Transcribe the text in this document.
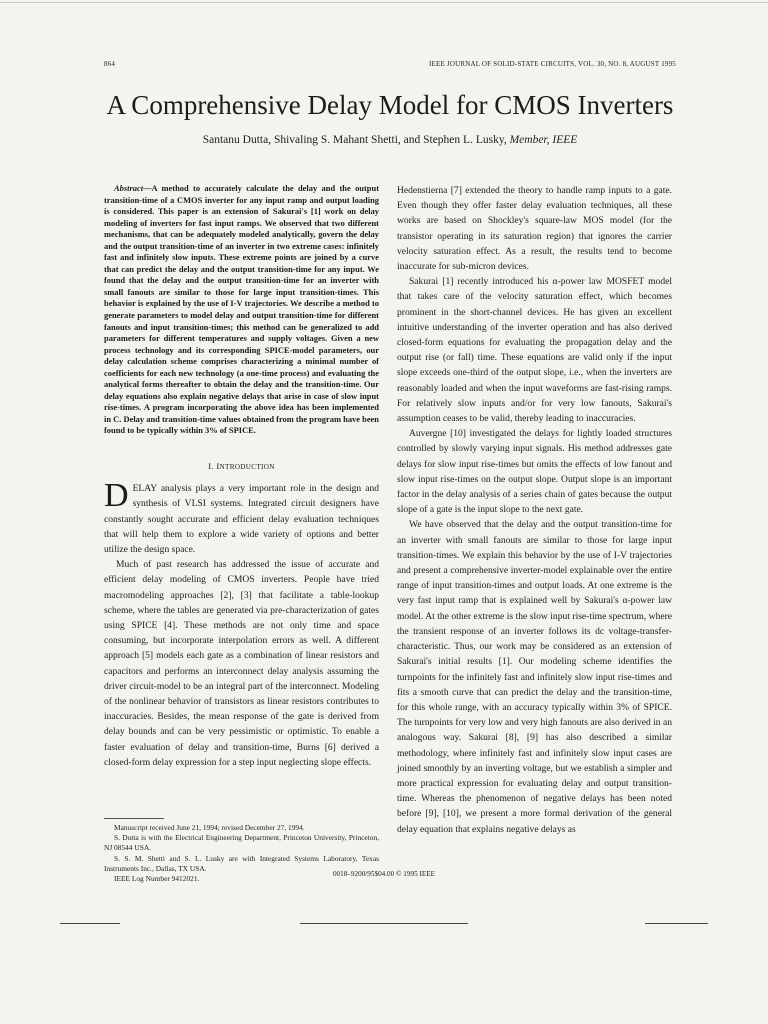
864	IEEE JOURNAL OF SOLID-STATE CIRCUITS, VOL. 30, NO. 8, AUGUST 1995
A Comprehensive Delay Model for CMOS Inverters
Santanu Dutta, Shivaling S. Mahant Shetti, and Stephen L. Lusky, Member, IEEE

Abstract—A method to accurately calculate the delay and the output transition-time of a CMOS inverter for any input ramp and output loading is considered. This paper is an extension of Sakurai's [1] work on delay modeling of inverters for fast input ramps. We observed that two different mechanisms, that can be adequately modeled analytically, govern the delay and the output transition-time of an inverter in two extreme cases: infinitely fast and infinitely slow inputs. These extreme points are joined by a curve that can predict the delay and the output transition-time for any input. We found that the delay and the output transition-time for an inverter with small fanouts are similar to those for large input transition-times. This behavior is explained by the use of I-V trajectories. We describe a method to generate parameters to model delay and output transition-time for different fanouts and input transition-times; this method can be generalized to add parameters for different temperatures and supply voltages. Given a new process technology and its corresponding SPICE-model parameters, our delay calculation scheme comprises characterizing a minimal number of coefficients for each new technology (a one-time process) and evaluating the analytical forms thereafter to obtain the delay and the transition-time. Our delay equations also explain negative delays that arise in case of slow input rise-times. A program incorporating the above idea has been implemented in C. Delay and transition-time values obtained from the program have been found to be typically within 3% of SPICE.

I. INTRODUCTION

DELAY analysis plays a very important role in the design and synthesis of VLSI systems. Integrated circuit designers have constantly sought accurate and efficient delay evaluation techniques that will help them to explore a wide variety of options and better utilize the design space.

Much of past research has addressed the issue of accurate and efficient delay modeling of CMOS inverters. People have tried macromodeling approaches [2], [3] that facilitate a table-lookup scheme, where the tables are generated via pre-characterization of gates using SPICE [4]. These methods are not only time and space consuming, but incorporate interpolation errors as well. A different approach [5] models each gate as a combination of linear resistors and capacitors and performs an interconnect delay analysis assuming the driver circuit-model to be an integral part of the interconnect. Modeling of the nonlinear behavior of transistors as linear resistors contributes to inaccuracies. Besides, the mean response of the gate is derived from delay bounds and can be very pessimistic or optimistic. To enable a faster evaluation of delay and transition-time, Burns [6] derived a closed-form delay expression for a step input neglecting slope effects.

Manuscript received June 21, 1994; revised December 27, 1994.

S. Dutta is with the Electrical Engineering Department, Princeton University, Princeton, NJ 08544 USA.

S. S. M. Shetti and S. L. Lusky are with Integrated Systems Laboratory, Texas Instruments Inc., Dallas, TX USA.

IEEE Log Number 9412021.

Hedenstierna [7] extended the theory to handle ramp inputs to a gate. Even though they offer faster delay evaluation techniques, all these works are based on Shockley's square-law MOS model (for the transistor operating in its saturation region) that ignores the carrier velocity saturation effect. As a result, the results tend to become inaccurate for sub-micron devices.

Sakurai [1] recently introduced his α-power law MOSFET model that takes care of the velocity saturation effect, which becomes prominent in the short-channel devices. He has given an excellent intuitive understanding of the inverter operation and has also derived closed-form equations for evaluating the propagation delay and the output rise (or fall) time. These equations are valid only if the input slope exceeds one-third of the output slope, i.e., when the inverters are reasonably loaded and when the input waveforms are fast-rising ramps. For relatively slow inputs and/or for very low fanouts, Sakurai's assumption ceases to be valid, thereby leading to inaccuracies.

Auvergne [10] investigated the delays for lightly loaded structures controlled by slowly varying input signals. His method addresses gate delays for slow input rise-times but omits the effects of low fanout and slow input rise-times on the output slope. Output slope is an important factor in the delay analysis of a series chain of gates because the output slope of a gate is the input slope to the next gate.

We have observed that the delay and the output transition-time for an inverter with small fanouts are similar to those for large input transition-times. We explain this behavior by the use of I-V trajectories and present a comprehensive inverter-model explainable over the entire range of input transition-times and output loads. At one extreme is the very fast input ramp that is explained well by Sakurai's α-power law model. At the other extreme is the slow input rise-time spectrum, where the transient response of an inverter follows its dc voltage-transfer-characteristic. Thus, our work may be considered as an extension of Sakurai's initial results [1]. Our modeling scheme identifies the turnpoints for the infinitely fast and infinitely slow input rise-times and fits a smooth curve that can predict the delay and the transition-time, for this whole range, with an accuracy typically within 3% of SPICE. The turnpoints for very low and very high fanouts are also derived in an analogous way. Sakurai [8], [9] has also described a similar methodology, where infinitely fast and infinitely slow input cases are joined smoothly by an inverting voltage, but we establish a simpler and more practical expression for evaluating delay and output transition-time. Whereas the phenomenon of negative delays has been noted before [9], [10], we present a more formal derivation of the general delay equation that explains negative delays as

0018–9200/95$04.00 © 1995 IEEE
